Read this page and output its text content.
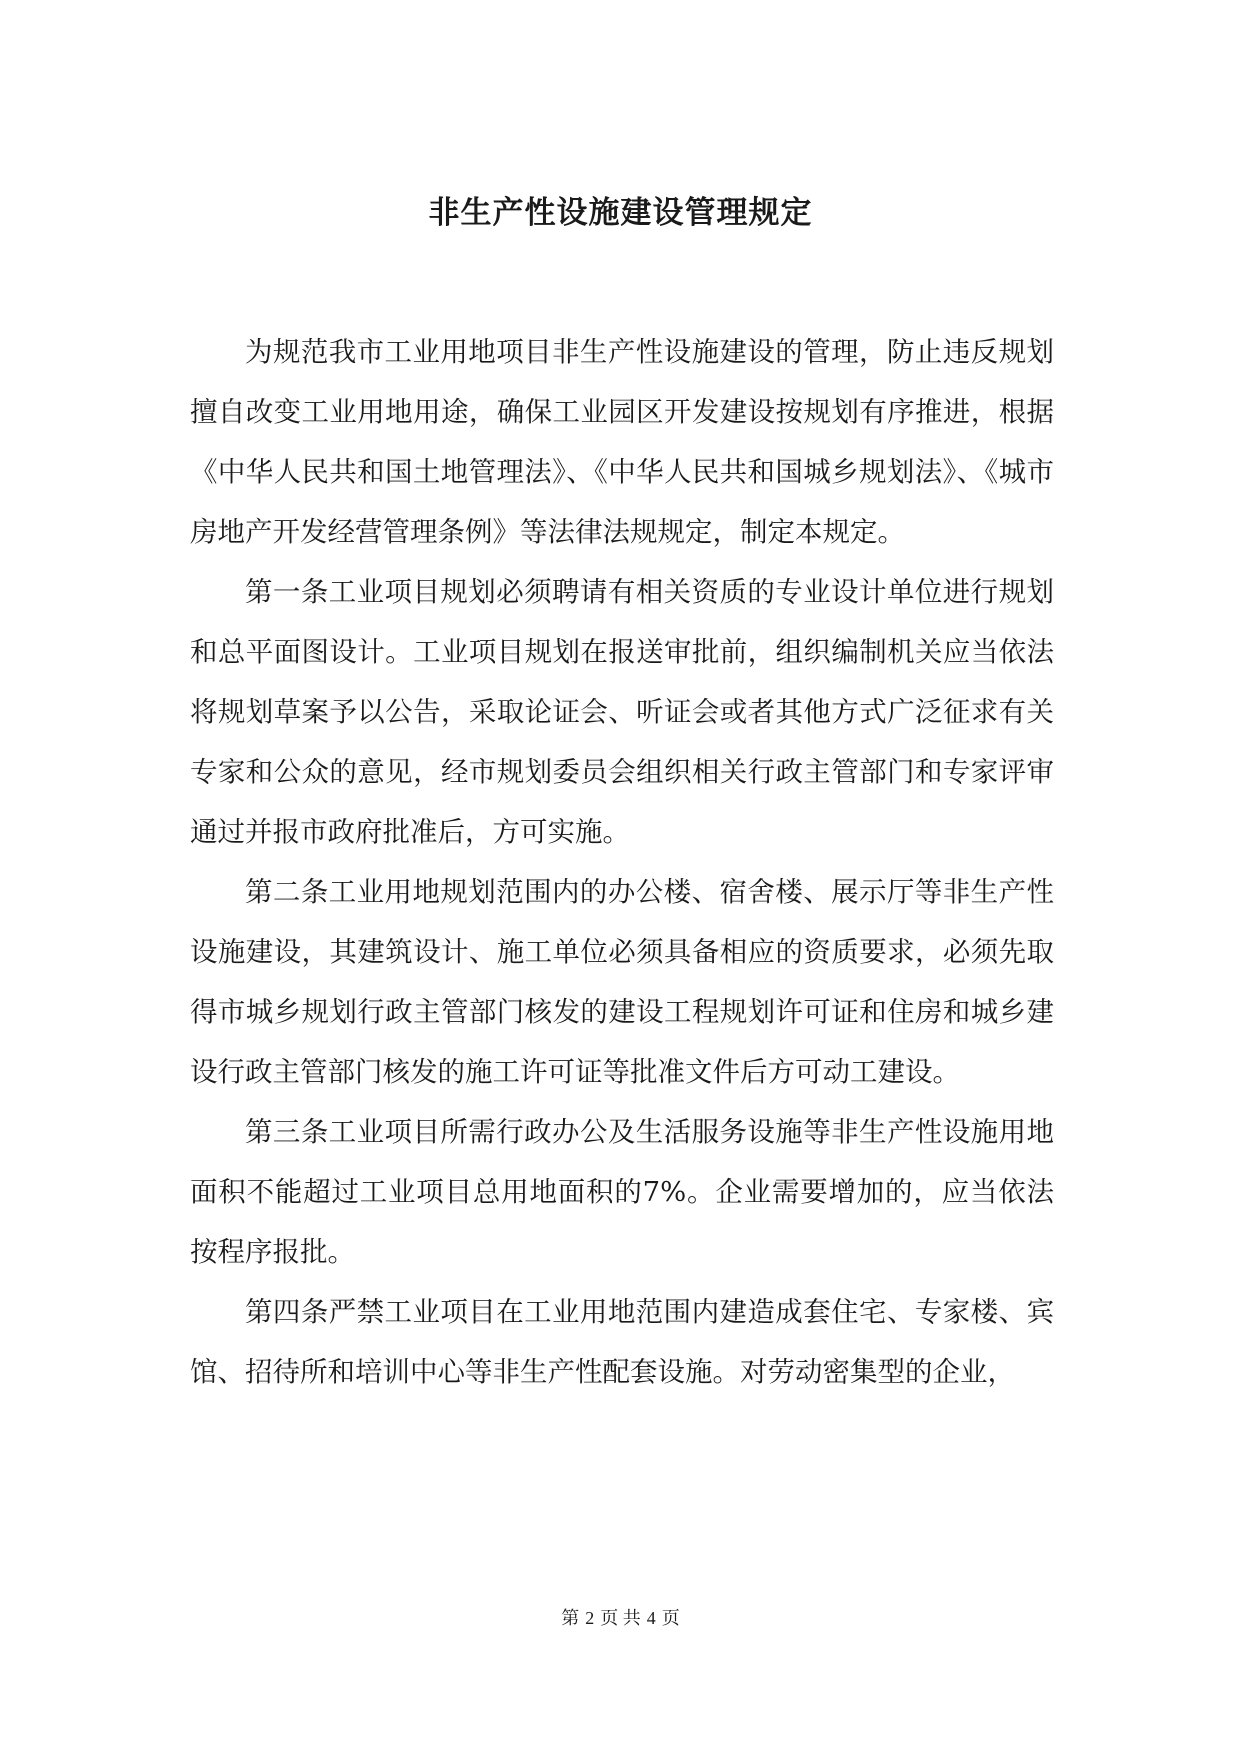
非生产性设施建设管理规定

为规范我市工业用地项目非生产性设施建设的管理，防止违反规划擅自改变工业用地用途，确保工业园区开发建设按规划有序推进，根据《中华人民共和国土地管理法》、《中华人民共和国城乡规划法》、《城市房地产开发经营管理条例》等法律法规规定，制定本规定。

第一条工业项目规划必须聘请有相关资质的专业设计单位进行规划和总平面图设计。工业项目规划在报送审批前，组织编制机关应当依法将规划草案予以公告，采取论证会、听证会或者其他方式广泛征求有关专家和公众的意见，经市规划委员会组织相关行政主管部门和专家评审通过并报市政府批准后，方可实施。

第二条工业用地规划范围内的办公楼、宿舍楼、展示厅等非生产性设施建设，其建筑设计、施工单位必须具备相应的资质要求，必须先取得市城乡规划行政主管部门核发的建设工程规划许可证和住房和城乡建设行政主管部门核发的施工许可证等批准文件后方可动工建设。

第三条工业项目所需行政办公及生活服务设施等非生产性设施用地面积不能超过工业项目总用地面积的7%。企业需要增加的，应当依法按程序报批。

第四条严禁工业项目在工业用地范围内建造成套住宅、专家楼、宾馆、招待所和培训中心等非生产性配套设施。对劳动密集型的企业，

第 2 页 共 4 页
